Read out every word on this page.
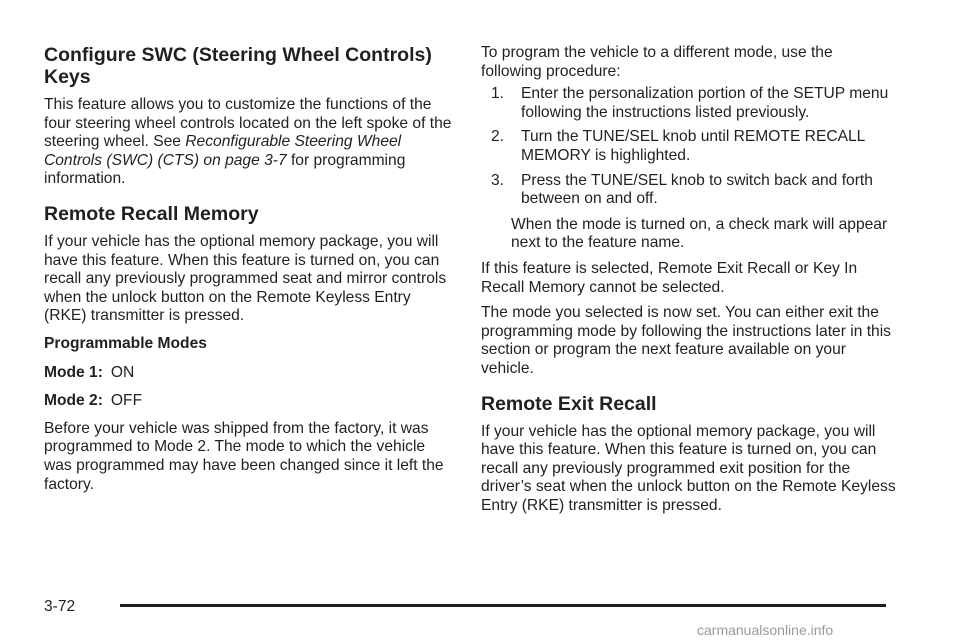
Configure SWC (Steering Wheel Controls) Keys

This feature allows you to customize the functions of the four steering wheel controls located on the left spoke of the steering wheel. See Reconfigurable Steering Wheel Controls (SWC) (CTS) on page 3-7 for programming information.

Remote Recall Memory

If your vehicle has the optional memory package, you will have this feature. When this feature is turned on, you can recall any previously programmed seat and mirror controls when the unlock button on the Remote Keyless Entry (RKE) transmitter is pressed.

Programmable Modes

Mode 1: ON
Mode 2: OFF

Before your vehicle was shipped from the factory, it was programmed to Mode 2. The mode to which the vehicle was programmed may have been changed since it left the factory.

To program the vehicle to a different mode, use the following procedure:

1.	Enter the personalization portion of the SETUP menu following the instructions listed previously.
2.	Turn the TUNE/SEL knob until REMOTE RECALL MEMORY is highlighted.
3.	Press the TUNE/SEL knob to switch back and forth between on and off.

When the mode is turned on, a check mark will appear next to the feature name.

If this feature is selected, Remote Exit Recall or Key In Recall Memory cannot be selected.

The mode you selected is now set. You can either exit the programming mode by following the instructions later in this section or program the next feature available on your vehicle.

Remote Exit Recall

If your vehicle has the optional memory package, you will have this feature. When this feature is turned on, you can recall any previously programmed exit position for the driver’s seat when the unlock button on the Remote Keyless Entry (RKE) transmitter is pressed.

3-72
carmanualsonline.info
